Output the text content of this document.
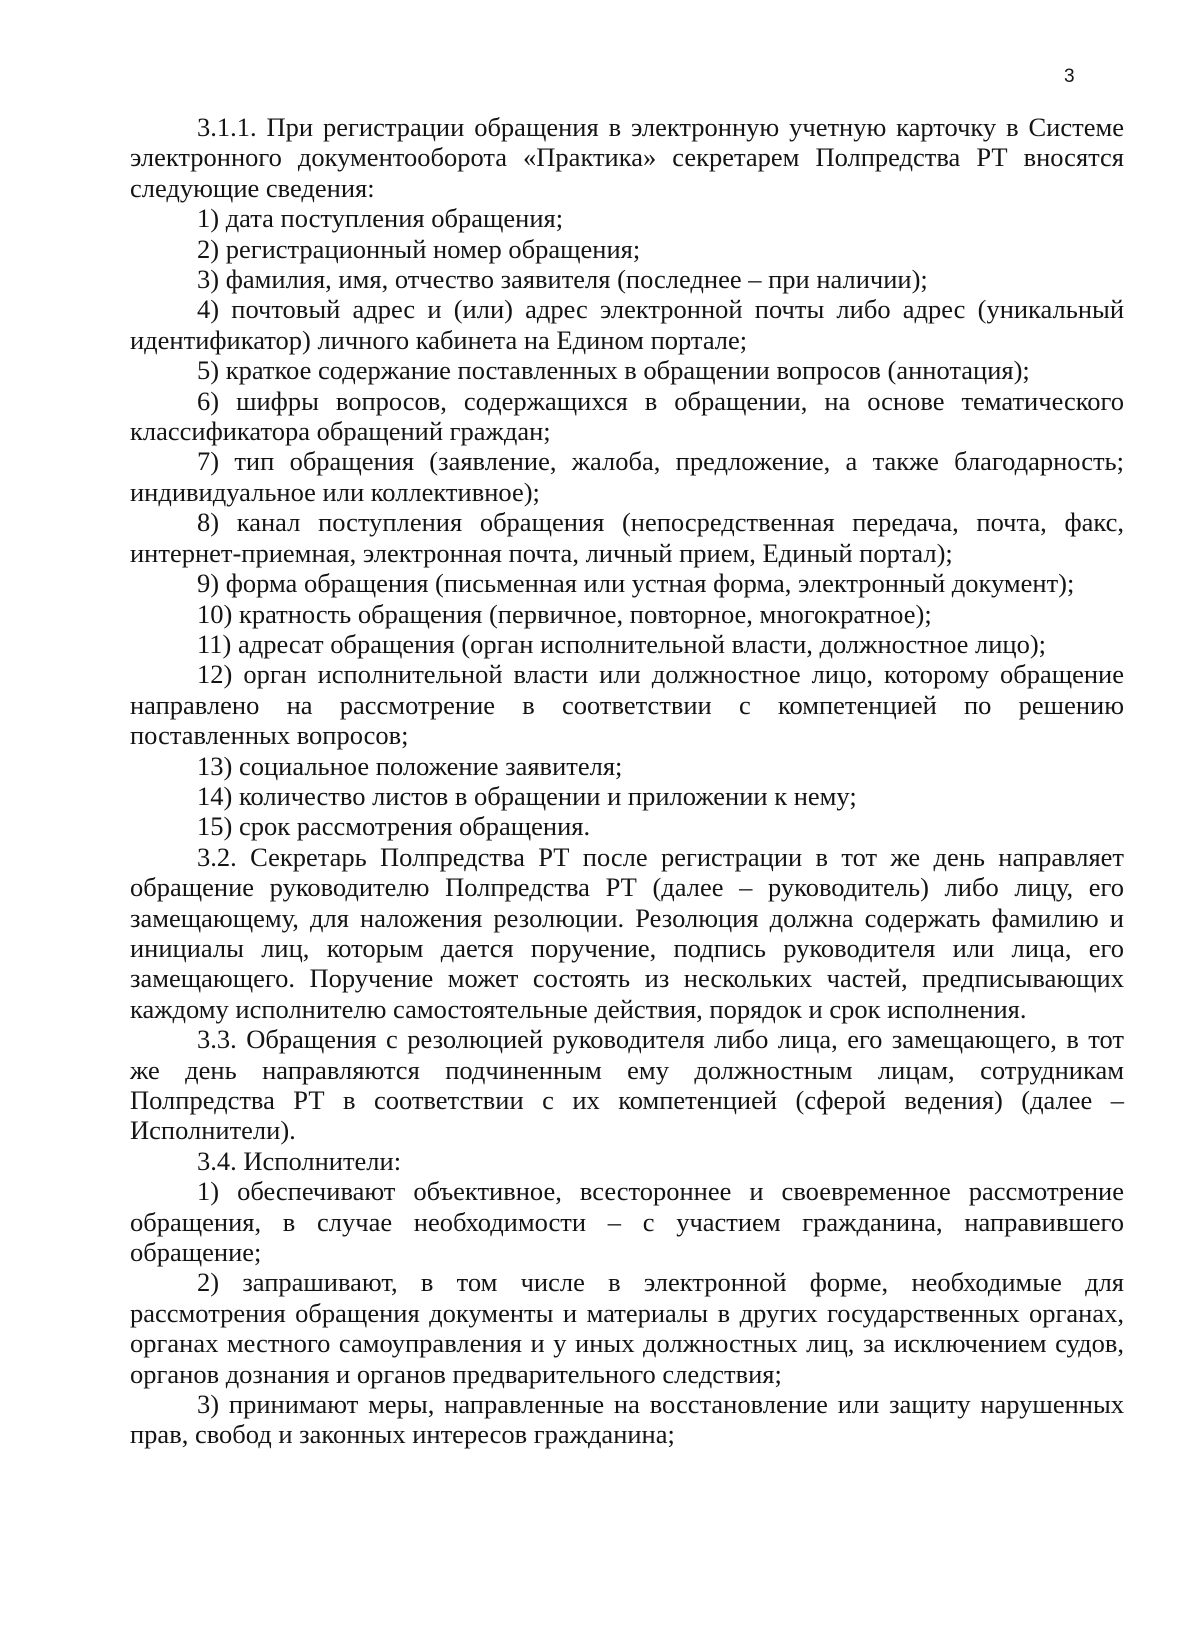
3

3.1.1. При регистрации обращения в электронную учетную карточку в Системе электронного документооборота «Практика» секретарем Полпредства РТ вносятся следующие сведения:

1) дата поступления обращения;

2) регистрационный номер обращения;

3) фамилия, имя, отчество заявителя (последнее – при наличии);

4) почтовый адрес и (или) адрес электронной почты либо адрес (уникальный идентификатор) личного кабинета на Едином портале;

5) краткое содержание поставленных в обращении вопросов (аннотация);

6) шифры вопросов, содержащихся в обращении, на основе тематического классификатора обращений граждан;

7) тип обращения (заявление, жалоба, предложение, а также благодарность; индивидуальное или коллективное);

8) канал поступления обращения (непосредственная передача, почта, факс, интернет-приемная, электронная почта, личный прием, Единый портал);

9) форма обращения (письменная или устная форма, электронный документ);

10) кратность обращения (первичное, повторное, многократное);

11) адресат обращения (орган исполнительной власти, должностное лицо);

12) орган исполнительной власти или должностное лицо, которому обращение направлено на рассмотрение в соответствии с компетенцией по решению поставленных вопросов;

13) социальное положение заявителя;

14) количество листов в обращении и приложении к нему;

15) срок рассмотрения обращения.

3.2. Секретарь Полпредства РТ после регистрации в тот же день направляет обращение руководителю Полпредства РТ (далее – руководитель) либо лицу, его замещающему, для наложения резолюции. Резолюция должна содержать фамилию и инициалы лиц, которым дается поручение, подпись руководителя или лица, его замещающего. Поручение может состоять из нескольких частей, предписывающих каждому исполнителю самостоятельные действия, порядок и срок исполнения.

3.3. Обращения с резолюцией руководителя либо лица, его замещающего, в тот же день направляются подчиненным ему должностным лицам, сотрудникам Полпредства РТ в соответствии с их компетенцией (сферой ведения) (далее – Исполнители).

3.4. Исполнители:

1) обеспечивают объективное, всестороннее и своевременное рассмотрение обращения, в случае необходимости – с участием гражданина, направившего обращение;

2) запрашивают, в том числе в электронной форме, необходимые для рассмотрения обращения документы и материалы в других государственных органах, органах местного самоуправления и у иных должностных лиц, за исключением судов, органов дознания и органов предварительного следствия;

3) принимают меры, направленные на восстановление или защиту нарушенных прав, свобод и законных интересов гражданина;
